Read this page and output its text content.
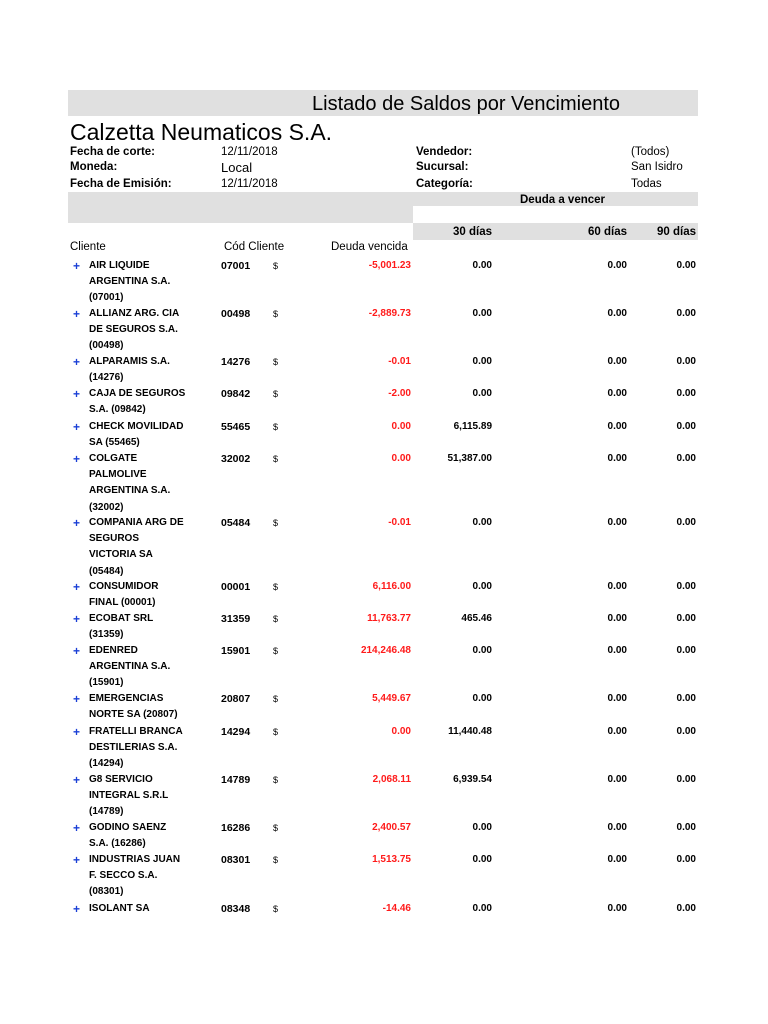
Listado de Saldos por Vencimiento
Calzetta Neumaticos S.A.
Fecha de corte:	12/11/2018
Moneda:	Local
Fecha de Emisión:	12/11/2018
Vendedor:	(Todos)
Sucursal:	San Isidro
Categoría:	Todas
Deuda a vencer
30 días	60 días	90 días
Cliente	Cód Cliente	Deuda vencida
+ AIR LIQUIDE
ARGENTINA S.A.
(07001)
07001	$	-5,001.23	0.00	0.00	0.00
+ ALLIANZ ARG. CIA
DE SEGUROS S.A.
(00498)
00498	$	-2,889.73	0.00	0.00	0.00
+ ALPARAMIS S.A.
(14276)
14276	$	-0.01	0.00	0.00	0.00
+ CAJA DE SEGUROS
S.A. (09842)
09842	$	-2.00	0.00	0.00	0.00
+ CHECK MOVILIDAD
SA (55465)
55465	$	0.00	6,115.89	0.00	0.00
+ COLGATE
PALMOLIVE
ARGENTINA S.A.
(32002)
32002	$	0.00	51,387.00	0.00	0.00
+ COMPANIA ARG DE
SEGUROS
VICTORIA SA
(05484)
05484	$	-0.01	0.00	0.00	0.00
+ CONSUMIDOR
FINAL (00001)
00001	$	6,116.00	0.00	0.00	0.00
+ ECOBAT SRL
(31359)
31359	$	11,763.77	465.46	0.00	0.00
+ EDENRED
ARGENTINA S.A.
(15901)
15901	$	214,246.48	0.00	0.00	0.00
+ EMERGENCIAS
NORTE SA (20807)
20807	$	5,449.67	0.00	0.00	0.00
+ FRATELLI BRANCA
DESTILERIAS S.A.
(14294)
14294	$	0.00	11,440.48	0.00	0.00
+ G8 SERVICIO
INTEGRAL S.R.L
(14789)
14789	$	2,068.11	6,939.54	0.00	0.00
+ GODINO SAENZ
S.A. (16286)
16286	$	2,400.57	0.00	0.00	0.00
+ INDUSTRIAS JUAN
F. SECCO S.A.
(08301)
08301	$	1,513.75	0.00	0.00	0.00
+ ISOLANT SA	08348	$	-14.46	0.00	0.00	0.00
